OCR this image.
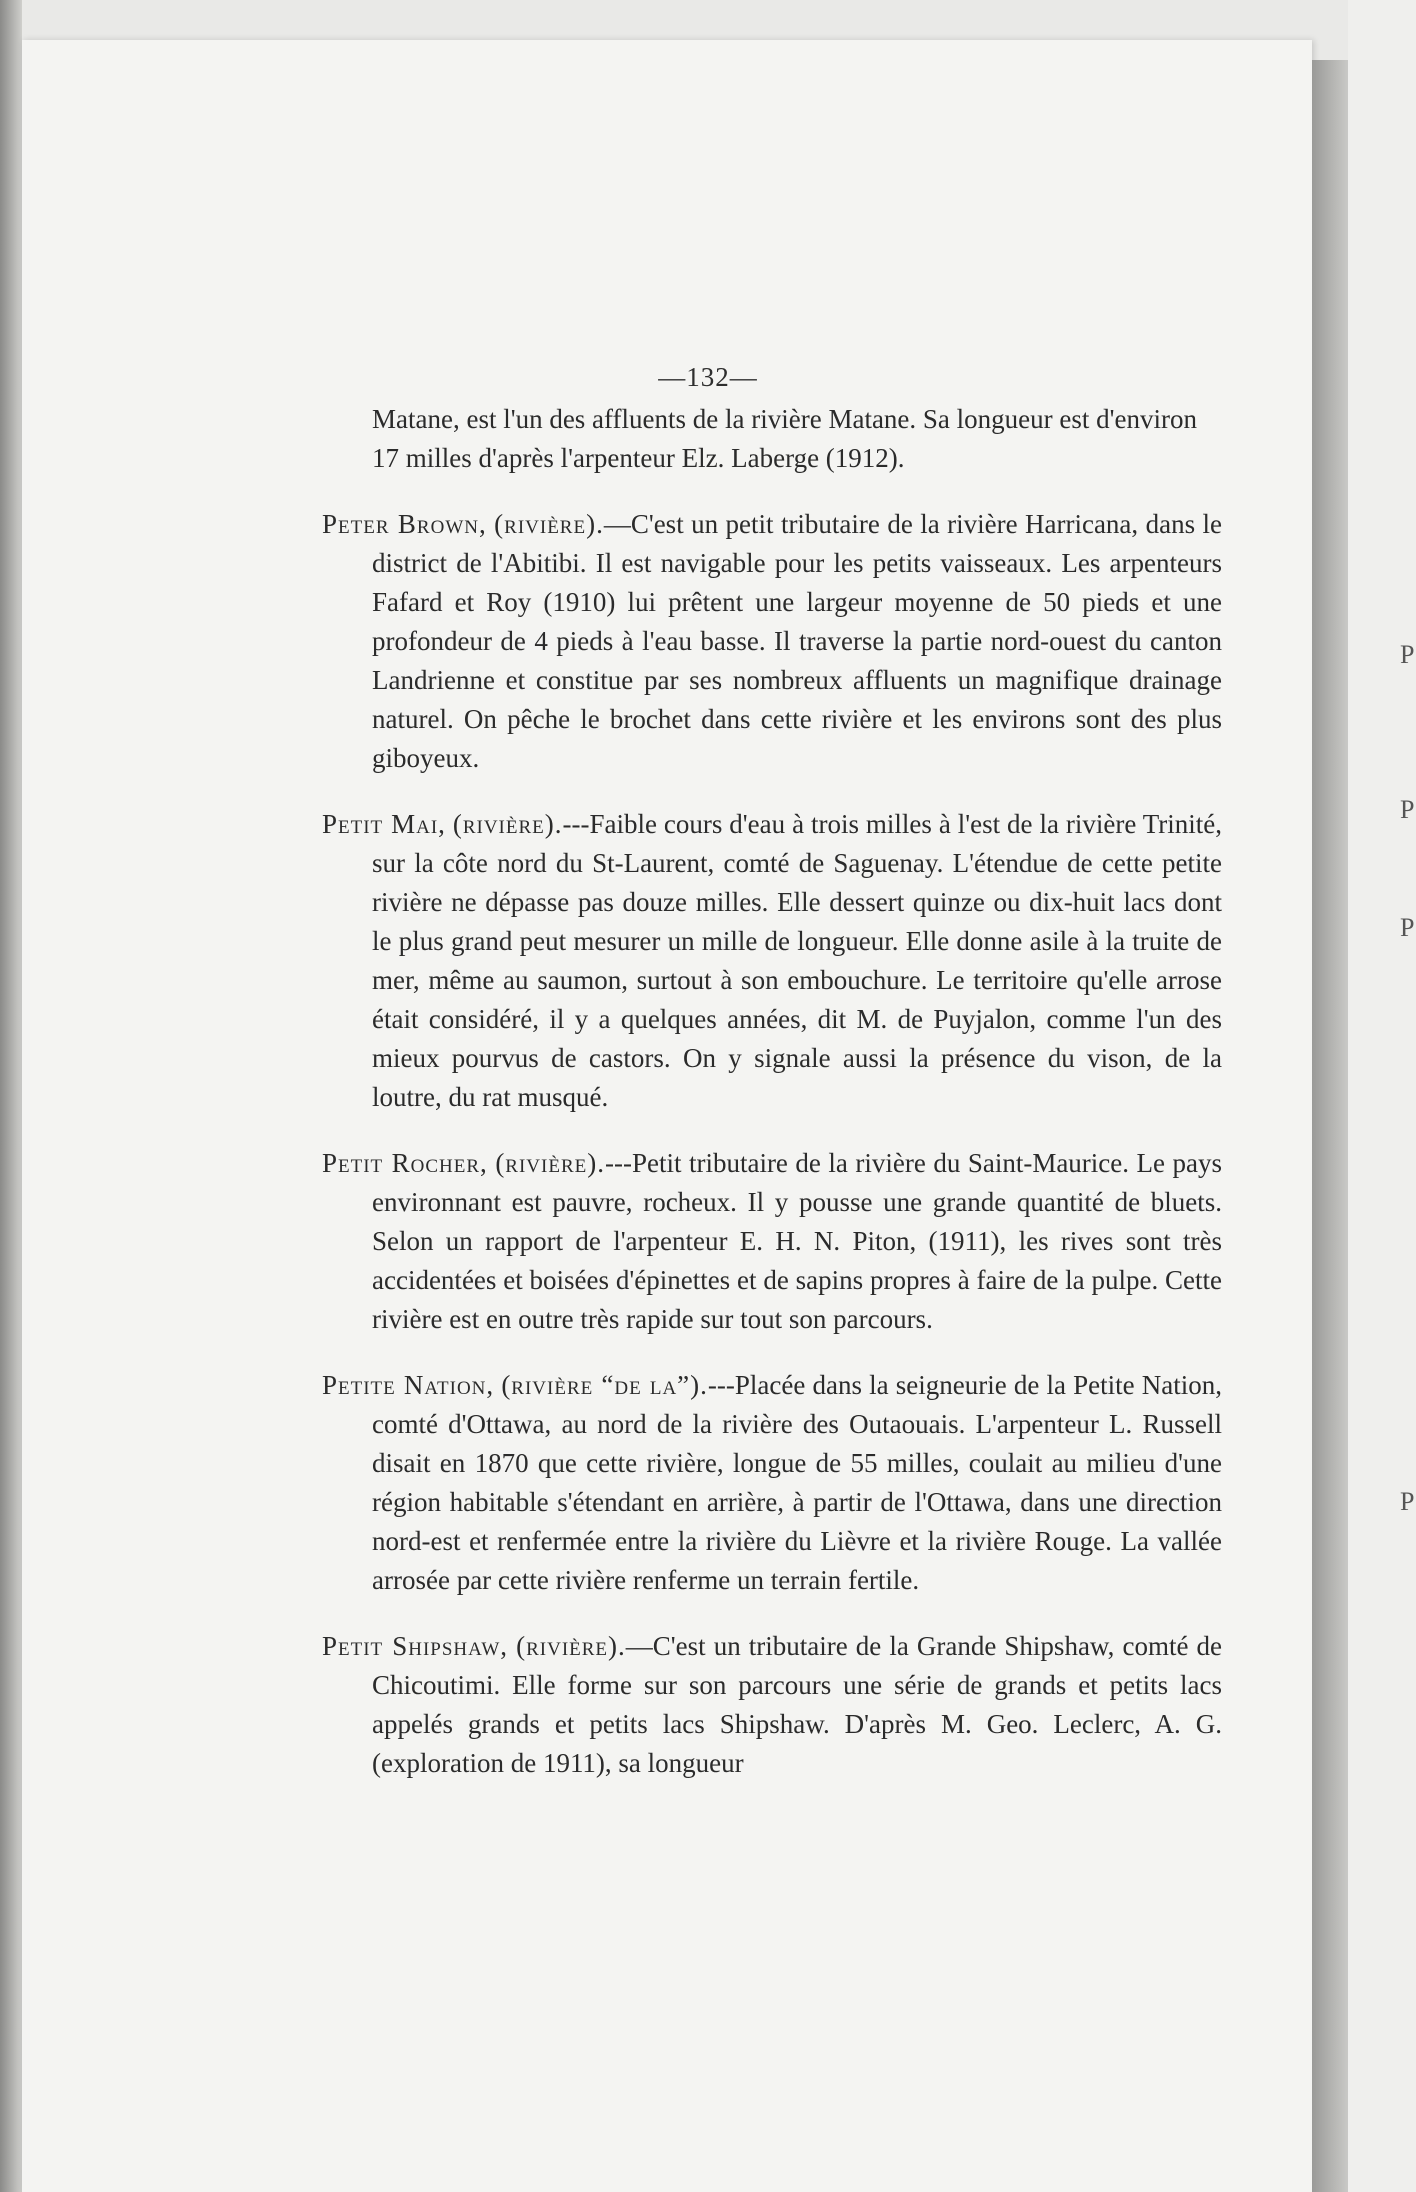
P
P
P
P
—132—

Matane, est l'un des affluents de la rivière Matane. Sa longueur est d'environ 17 milles d'après l'arpenteur Elz. Laberge (1912).

Peter Brown, (rivière).—C'est un petit tributaire de la rivière Harricana, dans le district de l'Abitibi. Il est navigable pour les petits vaisseaux. Les arpenteurs Fafard et Roy (1910) lui prêtent une largeur moyenne de 50 pieds et une profondeur de 4 pieds à l'eau basse. Il traverse la partie nord-ouest du canton Landrienne et constitue par ses nombreux affluents un magnifique drainage naturel. On pêche le brochet dans cette rivière et les environs sont des plus giboyeux.

Petit Mai, (rivière).---Faible cours d'eau à trois milles à l'est de la rivière Trinité, sur la côte nord du St-Laurent, comté de Saguenay. L'étendue de cette petite rivière ne dépasse pas douze milles. Elle dessert quinze ou dix-huit lacs dont le plus grand peut mesurer un mille de longueur. Elle donne asile à la truite de mer, même au saumon, surtout à son embouchure. Le territoire qu'elle arrose était considéré, il y a quelques années, dit M. de Puyjalon, comme l'un des mieux pourvus de castors. On y signale aussi la présence du vison, de la loutre, du rat musqué.

Petit Rocher, (rivière).---Petit tributaire de la rivière du Saint-Maurice. Le pays environnant est pauvre, rocheux. Il y pousse une grande quantité de bluets. Selon un rapport de l'arpenteur E. H. N. Piton, (1911), les rives sont très accidentées et boisées d'épinettes et de sapins propres à faire de la pulpe. Cette rivière est en outre très rapide sur tout son parcours.

Petite Nation, (rivière “de la”).---Placée dans la seigneurie de la Petite Nation, comté d'Ottawa, au nord de la rivière des Outaouais. L'arpenteur L. Russell disait en 1870 que cette rivière, longue de 55 milles, coulait au milieu d'une région habitable s'étendant en arrière, à partir de l'Ottawa, dans une direction nord-est et renfermée entre la rivière du Lièvre et la rivière Rouge. La vallée arrosée par cette rivière renferme un terrain fertile.

Petit Shipshaw, (rivière).—C'est un tributaire de la Grande Shipshaw, comté de Chicoutimi. Elle forme sur son parcours une série de grands et petits lacs appelés grands et petits lacs Shipshaw. D'après M. Geo. Leclerc, A. G. (exploration de 1911), sa longueur
